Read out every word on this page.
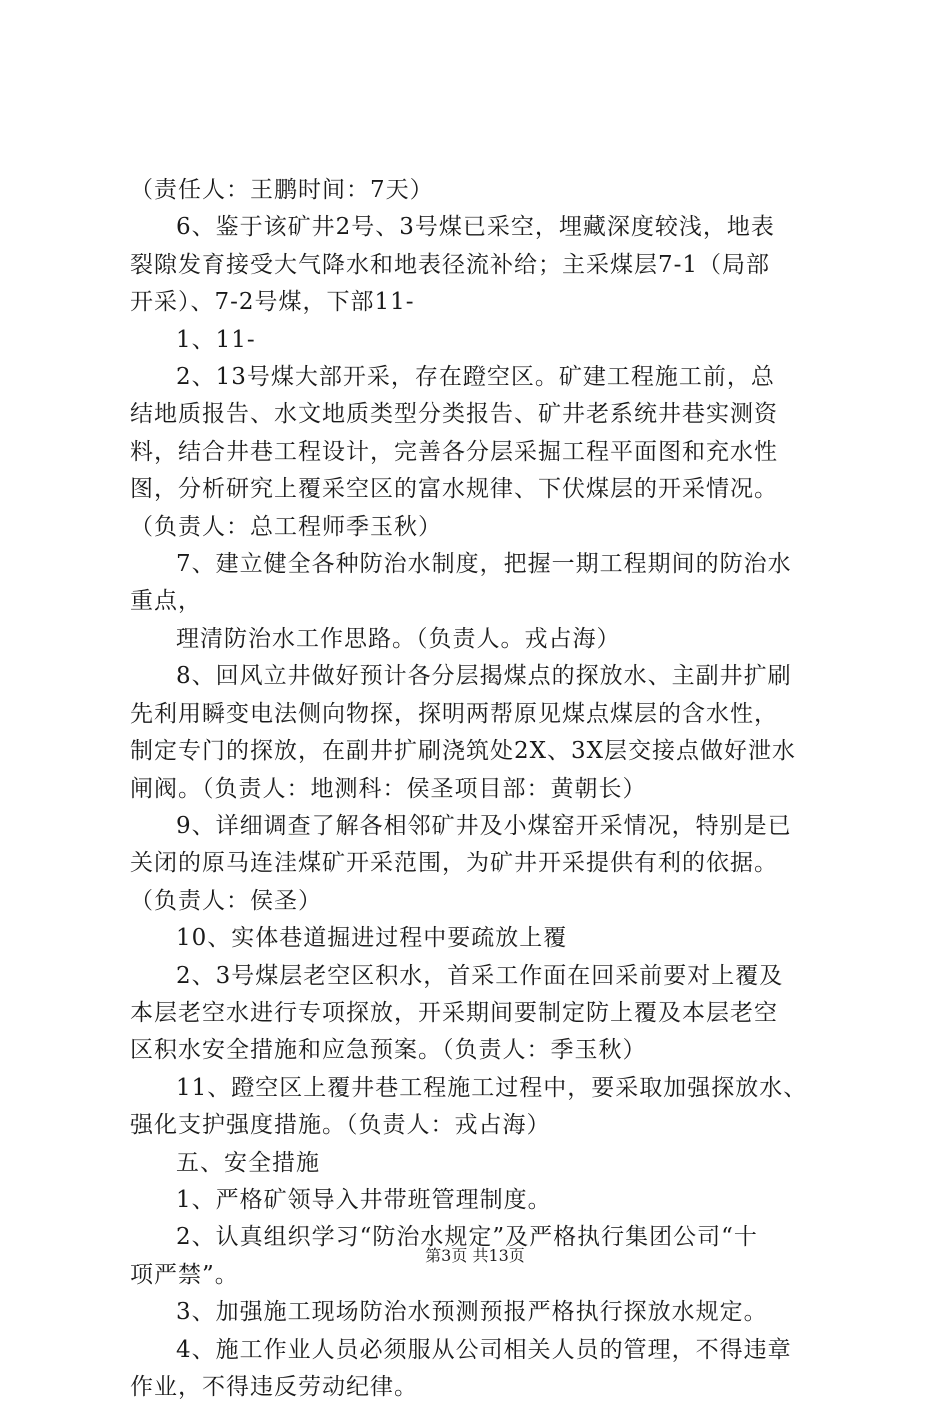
（责任人：王鹏时间：7天）

6、鉴于该矿井2号、3号煤已采空，埋藏深度较浅，地表

裂隙发育接受大气降水和地表径流补给；主采煤层7-1（局部

开采）、7-2号煤，下部11-

1、11-

2、13号煤大部开采，存在蹬空区。矿建工程施工前，总

结地质报告、水文地质类型分类报告、矿井老系统井巷实测资

料，结合井巷工程设计，完善各分层采掘工程平面图和充水性

图，分析研究上覆采空区的富水规律、下伏煤层的开采情况。

（负责人：总工程师季玉秋）

7、建立健全各种防治水制度，把握一期工程期间的防治水

重点，

理清防治水工作思路。（负责人。戎占海）

8、回风立井做好预计各分层揭煤点的探放水、主副井扩刷

先利用瞬变电法侧向物探，探明两帮原见煤点煤层的含水性，

制定专门的探放，在副井扩刷浇筑处2X、3X层交接点做好泄水

闸阀。（负责人：地测科：侯圣项目部：黄朝长）

9、详细调查了解各相邻矿井及小煤窑开采情况，特别是已

关闭的原马连洼煤矿开采范围，为矿井开采提供有利的依据。

（负责人：侯圣）

10、实体巷道掘进过程中要疏放上覆

2、3号煤层老空区积水，首采工作面在回采前要对上覆及

本层老空水进行专项探放，开采期间要制定防上覆及本层老空

区积水安全措施和应急预案。（负责人：季玉秋）

11、蹬空区上覆井巷工程施工过程中，要采取加强探放水、

强化支护强度措施。（负责人：戎占海）

五、安全措施

1、严格矿领导入井带班管理制度。

2、认真组织学习“防治水规定”及严格执行集团公司“十

项严禁”。

3、加强施工现场防治水预测预报严格执行探放水规定。

4、施工作业人员必须服从公司相关人员的管理，不得违章

作业，不得违反劳动纪律。

第3页 共13页
